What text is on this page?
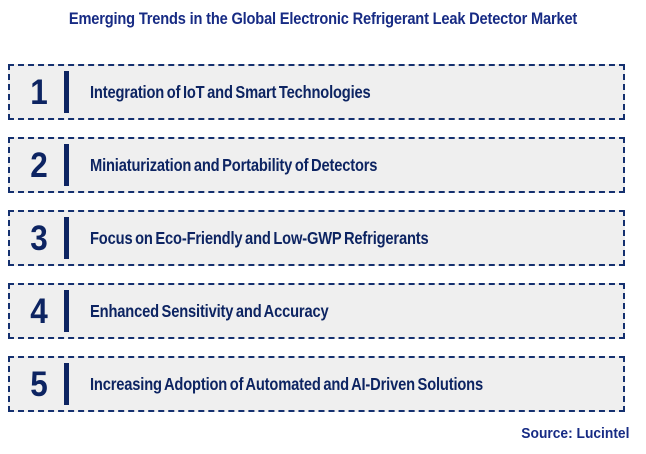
Emerging Trends in the Global Electronic Refrigerant Leak Detector Market
1	Integration of IoT and Smart Technologies
2	Miniaturization and Portability of Detectors
3	Focus on Eco-Friendly and Low-GWP Refrigerants
4	Enhanced Sensitivity and Accuracy
5	Increasing Adoption of Automated and AI-Driven Solutions
Source: Lucintel
